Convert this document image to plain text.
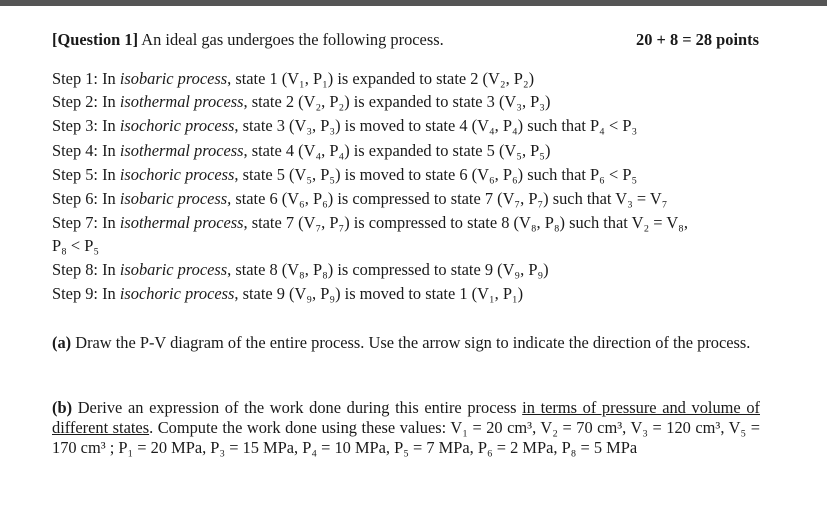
[Question 1] An ideal gas undergoes the following process.	20 + 8 = 28 points
Step 1: In isobaric process, state 1 (V₁, P₁) is expanded to state 2 (V₂, P₂)
Step 2: In isothermal process, state 2 (V₂, P₂) is expanded to state 3 (V₃, P₃)
Step 3: In isochoric process, state 3 (V₃, P₃) is moved to state 4 (V₄, P₄) such that P₄ < P₃
Step 4: In isothermal process, state 4 (V₄, P₄) is expanded to state 5 (V₅, P₅)
Step 5: In isochoric process, state 5 (V₅, P₅) is moved to state 6 (V₆, P₆) such that P₆ < P₅
Step 6: In isobaric process, state 6 (V₆, P₆) is compressed to state 7 (V₇, P₇) such that V₃ = V₇
Step 7: In isothermal process, state 7 (V₇, P₇) is compressed to state 8 (V₈, P₈) such that V₂ = V₈,
P₈ < P₅
Step 8: In isobaric process, state 8 (V₈, P₈) is compressed to state 9 (V₉, P₉)
Step 9: In isochoric process, state 9 (V₉, P₉) is moved to state 1 (V₁, P₁)
(a) Draw the P-V diagram of the entire process. Use the arrow sign to indicate the direction of the process.
(b) Derive an expression of the work done during this entire process in terms of pressure and volume of different states. Compute the work done using these values: V₁ = 20 cm³, V₂ = 70 cm³, V₃ = 120 cm³, V₅ = 170 cm³ ; P₁ = 20 MPa, P₃ = 15 MPa, P₄ = 10 MPa, P₅ = 7 MPa, P₆ = 2 MPa, P₈ = 5 MPa
